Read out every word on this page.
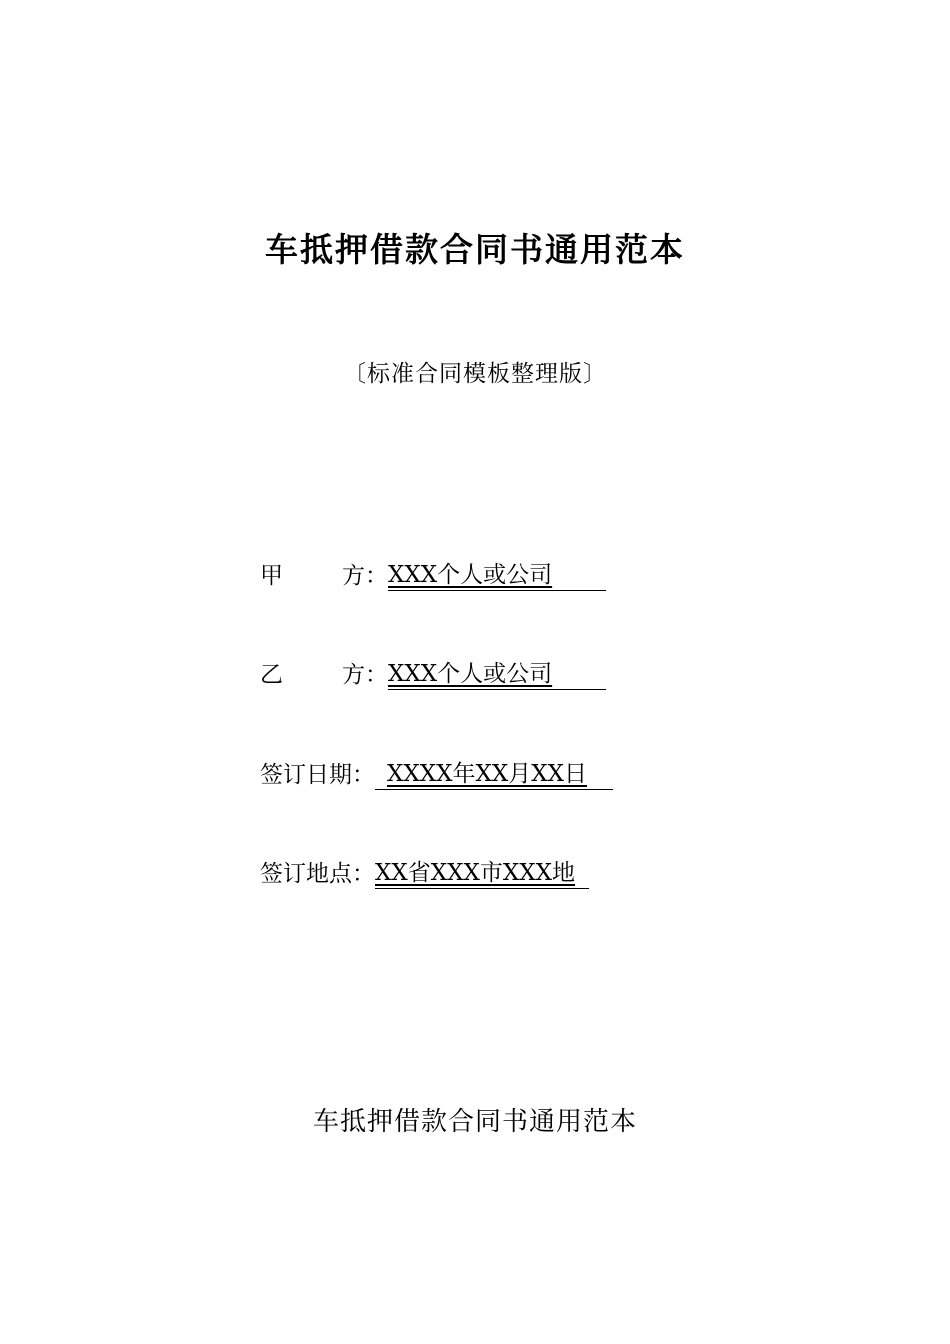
车抵押借款合同书通用范本
〔标准合同模板整理版〕
甲	方： XXX个人或公司
乙	方： XXX个人或公司
签订日期： XXXX年XX月XX日
签订地点：XX省XXX市XXX地
车抵押借款合同书通用范本
